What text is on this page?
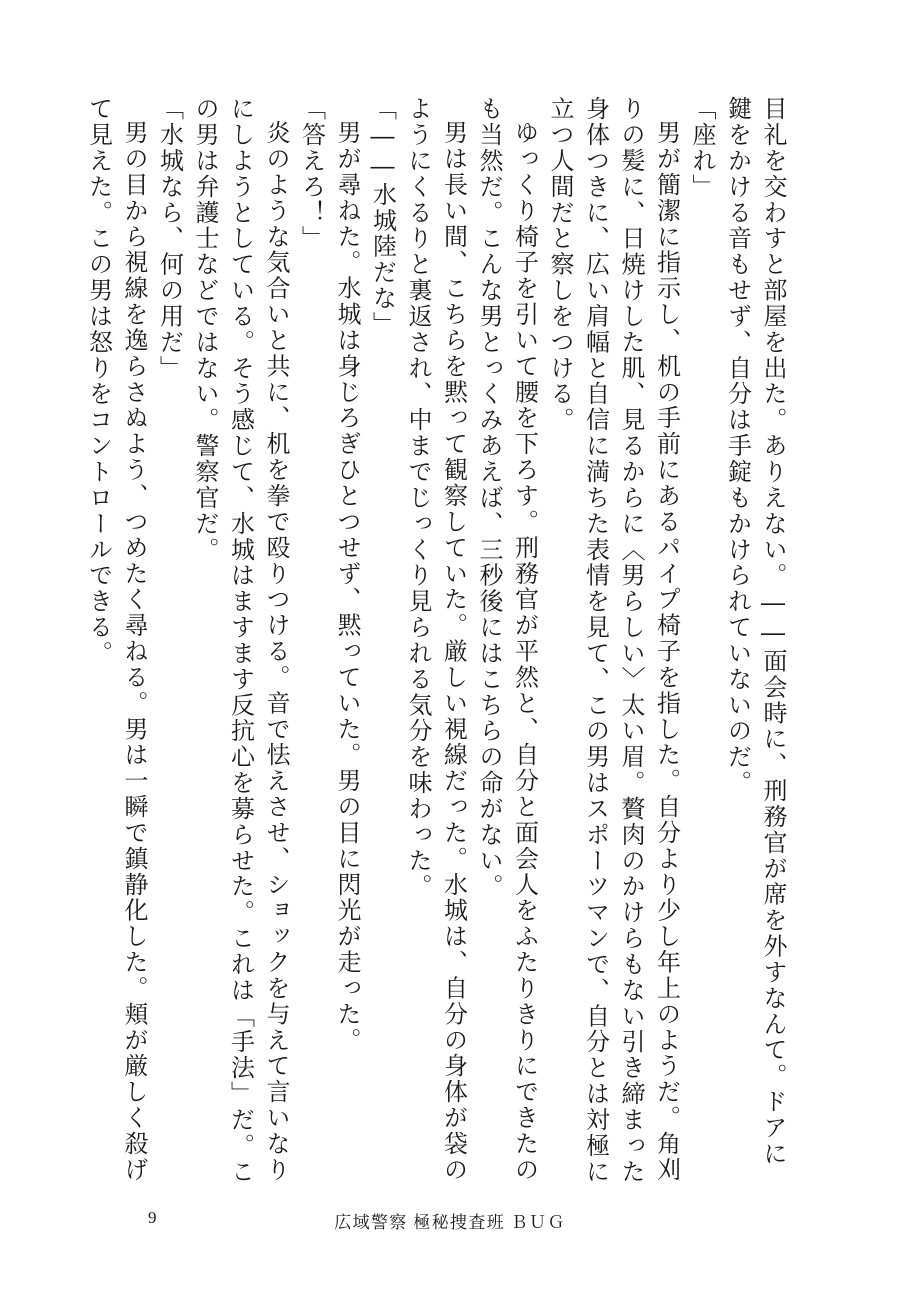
目礼を交わすと部屋を出た。ありえない。――面会時に、刑務官が席を外すなんて。ドアに鍵をかける音もせず、自分は手錠もかけられていないのだ。

「座れ」

男が簡潔に指示し、机の手前にあるパイプ椅子を指した。自分より少し年上のようだ。角刈りの髪に、日焼けした肌、見るからに〈男らしい〉太い眉。贅肉のかけらもない引き締まった身体つきに、広い肩幅と自信に満ちた表情を見て、この男はスポーツマンで、自分とは対極に立つ人間だと察しをつける。

ゆっくり椅子を引いて腰を下ろす。刑務官が平然と、自分と面会人をふたりきりにできたのも当然だ。こんな男とっくみあえば、三秒後にはこちらの命がない。

男は長い間、こちらを黙って観察していた。厳しい視線だった。水城は、自分の身体が袋のようにくるりと裏返され、中までじっくり見られる気分を味わった。

「――水城陸だな」

男が尋ねた。水城は身じろぎひとつせず、黙っていた。男の目に閃光が走った。

「答えろ！」

炎のような気合いと共に、机を拳で殴りつける。音で怯えさせ、ショックを与えて言いなりにしようとしている。そう感じて、水城はますます反抗心を募らせた。これは「手法」だ。この男は弁護士などではない。警察官だ。

「水城なら、何の用だ」

男の目から視線を逸らさぬよう、つめたく尋ねる。男は一瞬で鎮静化した。頬が厳しく殺げて見えた。この男は怒りをコントロールできる。

9	広域警察 極秘捜査班 ＢＵＧ
